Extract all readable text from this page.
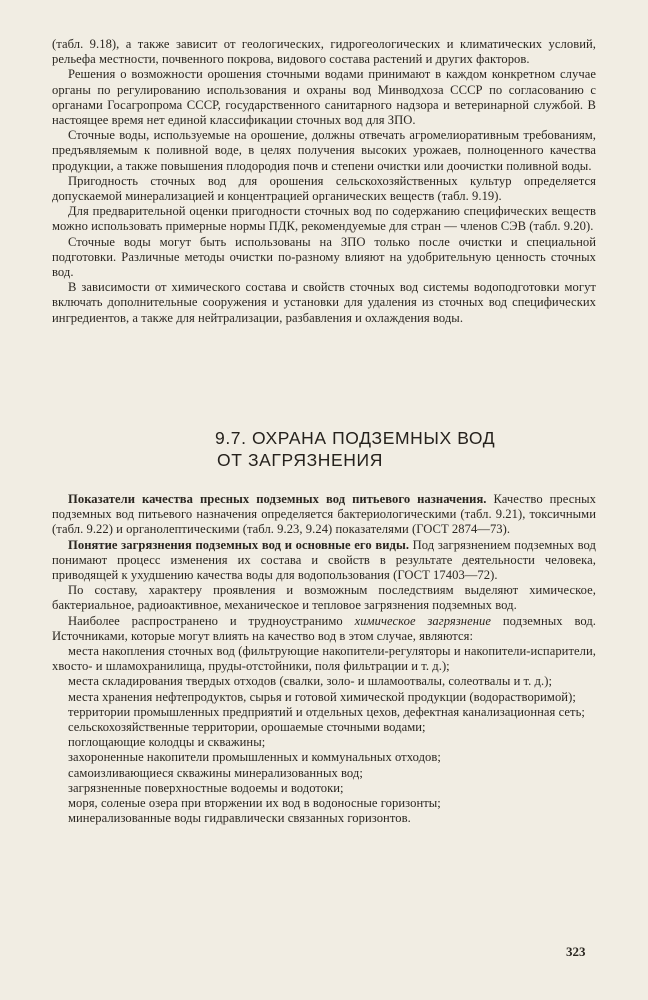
(табл. 9.18), а также зависит от геологических, гидрогеологических и климатических условий, рельефа местности, почвенного покрова, видового состава растений и других факторов.

Решения о возможности орошения сточными водами принимают в каждом конкретном случае органы по регулированию использования и охраны вод Минводхоза СССР по согласованию с органами Госагропрома СССР, государственного санитарного надзора и ветеринарной службой. В настоящее время нет единой классификации сточных вод для ЗПО.

Сточные воды, используемые на орошение, должны отвечать агромелиоративным требованиям, предъявляемым к поливной воде, в целях получения высоких урожаев, полноценного качества продукции, а также повышения плодородия почв и степени очистки или доочистки поливной воды.

Пригодность сточных вод для орошения сельскохозяйственных культур определяется допускаемой минерализацией и концентрацией органических веществ (табл. 9.19).

Для предварительной оценки пригодности сточных вод по содержанию специфических веществ можно использовать примерные нормы ПДК, рекомендуемые для стран — членов СЭВ (табл. 9.20).

Сточные воды могут быть использованы на ЗПО только после очистки и специальной подготовки. Различные методы очистки по-разному влияют на удобрительную ценность сточных вод.

В зависимости от химического состава и свойств сточных вод системы водоподготовки могут включать дополнительные сооружения и установки для удаления из сточных вод специфических ингредиентов, а также для нейтрализации, разбавления и охлаждения воды.

9.7. ОХРАНА ПОДЗЕМНЫХ ВОД
ОТ ЗАГРЯЗНЕНИЯ

Показатели качества пресных подземных вод питьевого назначения. Качество пресных подземных вод питьевого назначения определяется бактериологическими (табл. 9.21), токсичными (табл. 9.22) и органолептическими (табл. 9.23, 9.24) показателями (ГОСТ 2874—73).

Понятие загрязнения подземных вод и основные его виды. Под загрязнением подземных вод понимают процесс изменения их состава и свойств в результате деятельности человека, приводящей к ухудшению качества воды для водопользования (ГОСТ 17403—72).

По составу, характеру проявления и возможным последствиям выделяют химическое, бактериальное, радиоактивное, механическое и тепловое загрязнения подземных вод.

Наиболее распространено и трудноустранимо химическое загрязнение подземных вод. Источниками, которые могут влиять на качество вод в этом случае, являются:

места накопления сточных вод (фильтрующие накопители-регуляторы и накопители-испарители, хвосто- и шламохранилища, пруды-отстойники, поля фильтрации и т. д.);

места складирования твердых отходов (свалки, золо- и шламоотвалы, солеотвалы и т. д.);

места хранения нефтепродуктов, сырья и готовой химической продукции (водорастворимой);

территории промышленных предприятий и отдельных цехов, дефектная канализационная сеть;

сельскохозяйственные территории, орошаемые сточными водами;

поглощающие колодцы и скважины;

захороненные накопители промышленных и коммунальных отходов;

самоизливающиеся скважины минерализованных вод;

загрязненные поверхностные водоемы и водотоки;

моря, соленые озера при вторжении их вод в водоносные горизонты;

минерализованные воды гидравлически связанных горизонтов.

323
